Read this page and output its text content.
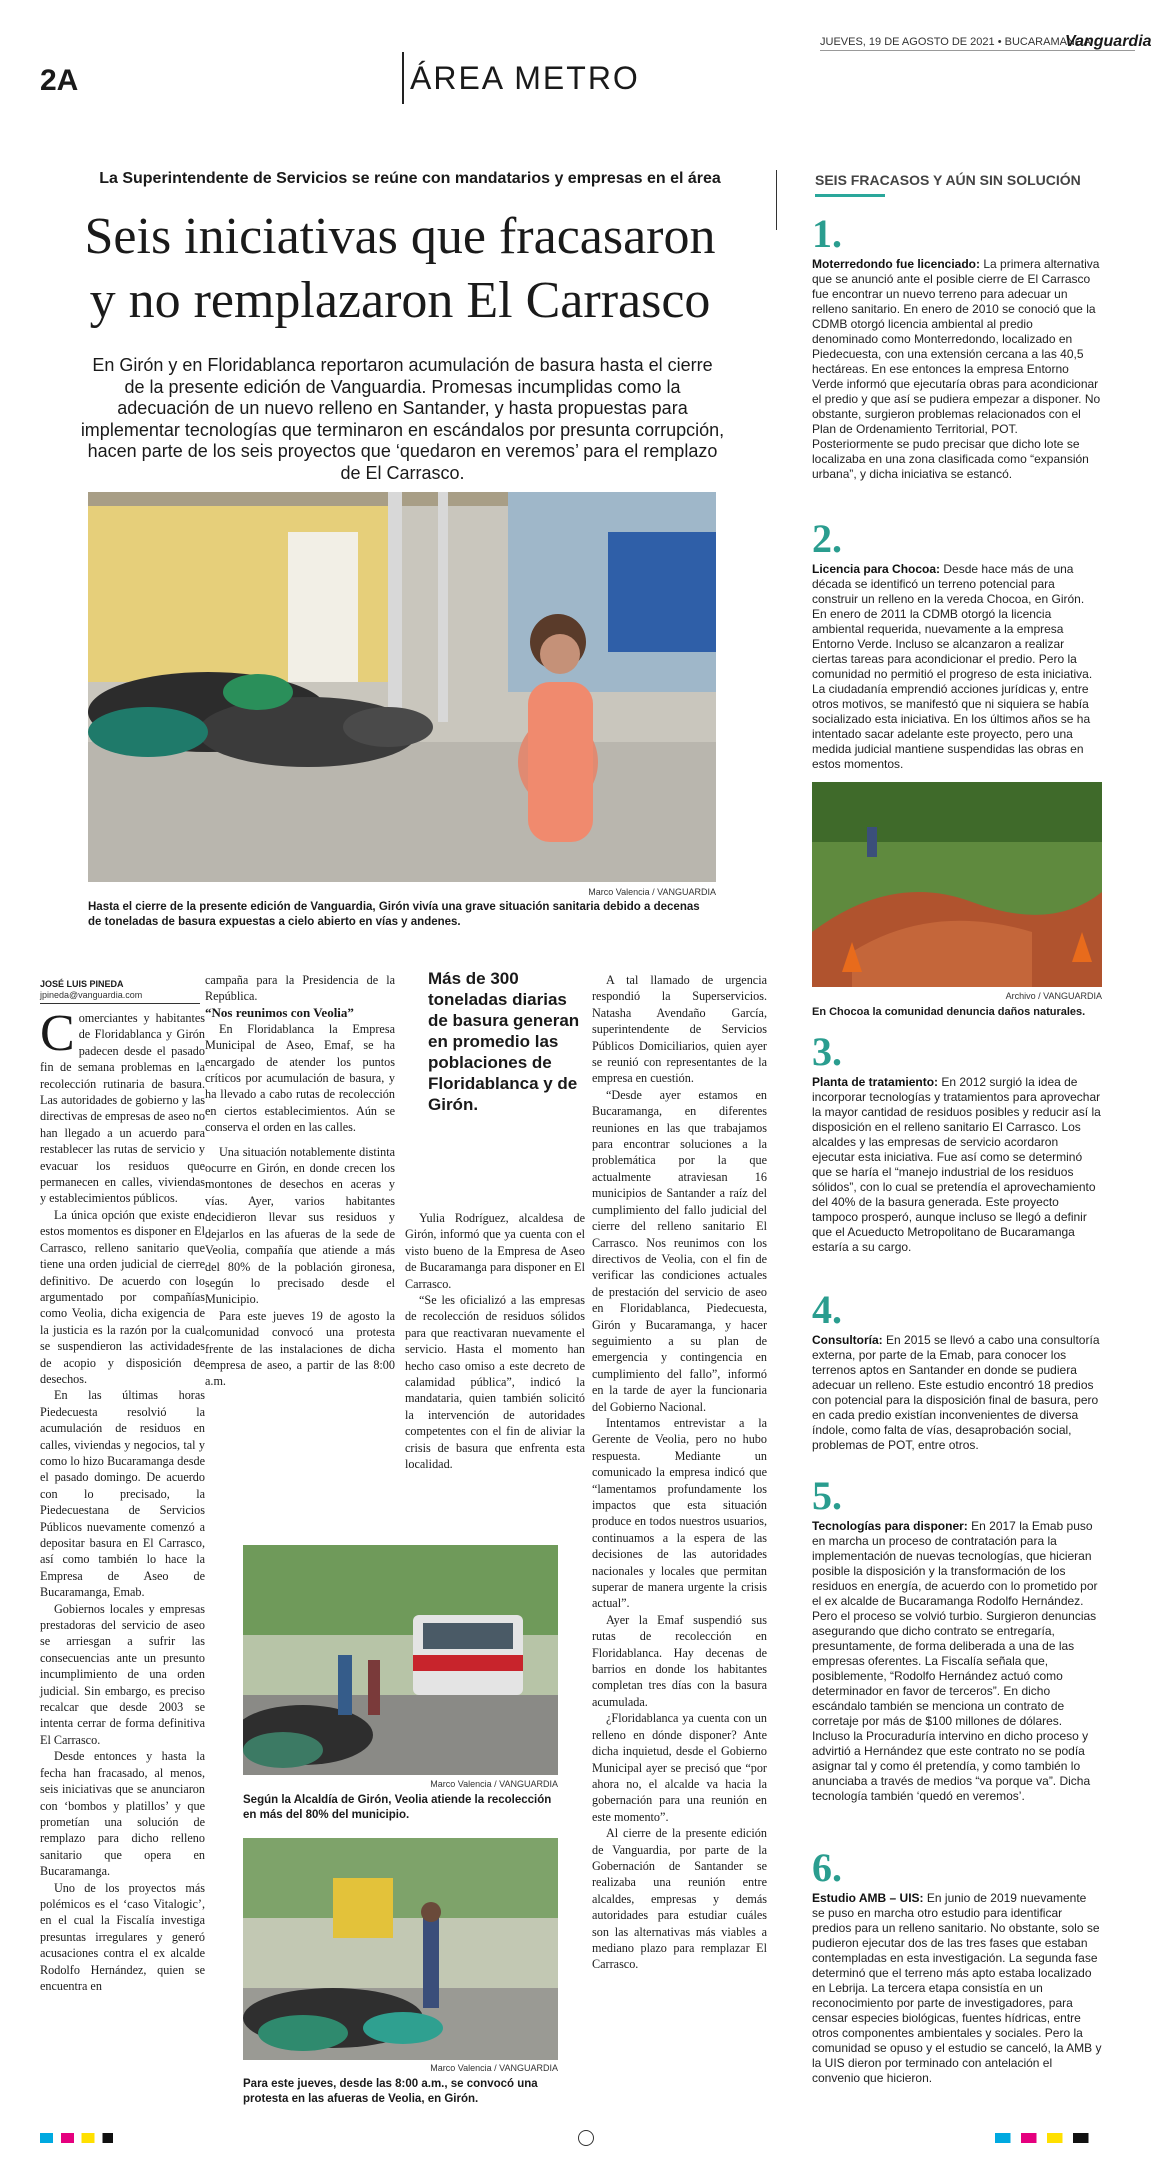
JUEVES, 19 DE AGOSTO DE 2021 • BUCARAMANGA
Vanguardia
2A	ÁREA METRO
La Superintendente de Servicios se reúne con mandatarios y empresas en el área
Seis iniciativas que fracasaron
y no remplazaron El Carrasco
En Girón y en Floridablanca reportaron acumulación de basura hasta el cierre de la presente edición de Vanguardia. Promesas incumplidas como la adecuación de un nuevo relleno en Santander, y hasta propuestas para implementar tecnologías que terminaron en escándalos por presunta corrupción, hacen parte de los seis proyectos que ‘quedaron en veremos’ para el remplazo de El Carrasco.
Marco Valencia / VANGUARDIA
Hasta el cierre de la presente edición de Vanguardia, Girón vivía una grave situación sanitaria debido a decenas de toneladas de basura expuestas a cielo abierto en vías y andenes.
JOSÉ LUIS PINEDA
jpineda@vanguardia.com

Comerciantes y habitantes de Floridablanca y Girón padecen desde el pasado fin de semana problemas en la recolección rutinaria de basura. Las autoridades de gobierno y las directivas de empresas de aseo no han llegado a un acuerdo para restablecer las rutas de servicio y evacuar los residuos que permanecen en calles, viviendas y establecimientos públicos.

La única opción que existe en estos momentos es disponer en El Carrasco, relleno sanitario que tiene una orden judicial de cierre definitivo. De acuerdo con lo argumentado por compañías como Veolia, dicha exigencia de la justicia es la razón por la cual se suspendieron las actividades de acopio y disposición de desechos.

En las últimas horas Piedecuesta resolvió la acumulación de residuos en calles, viviendas y negocios, tal y como lo hizo Bucaramanga desde el pasado domingo. De acuerdo con lo precisado, la Piedecuestana de Servicios Públicos nuevamente comenzó a depositar basura en El Carrasco, así como también lo hace la Empresa de Aseo de Bucaramanga, Emab.

Gobiernos locales y empresas prestadoras del servicio de aseo se arriesgan a sufrir las consecuencias ante un presunto incumplimiento de una orden judicial. Sin embargo, es preciso recalcar que desde 2003 se intenta cerrar de forma definitiva El Carrasco.

Desde entonces y hasta la fecha han fracasado, al menos, seis iniciativas que se anunciaron con ‘bombos y platillos’ y que prometían una solución de remplazo para dicho relleno sanitario que opera en Bucaramanga.

Uno de los proyectos más polémicos es el ‘caso Vitalogic’, en el cual la Fiscalía investiga presuntas irregulares y generó acusaciones contra el ex alcalde Rodolfo Hernández, quien se encuentra en

campaña para la Presidencia de la República.

“Nos reunimos con Veolia”

En Floridablanca la Empresa Municipal de Aseo, Emaf, se ha encargado de atender los puntos críticos por acumulación de basura, y ha llevado a cabo rutas de recolección en ciertos establecimientos. Aún se conserva el orden en las calles.

Una situación notablemente distinta ocurre en Girón, en donde crecen los montones de desechos en aceras y vías. Ayer, varios habitantes decidieron llevar sus residuos y dejarlos en las afueras de la sede de Veolia, compañía que atiende a más del 80% de la población gironesa, según lo precisado desde el Municipio.

Para este jueves 19 de agosto la comunidad convocó una protesta frente de las instalaciones de dicha empresa de aseo, a partir de las 8:00 a.m.

Más de 300 toneladas diarias de basura generan en promedio las poblaciones de Floridablanca y de Girón.

Yulia Rodríguez, alcaldesa de Girón, informó que ya cuenta con el visto bueno de la Empresa de Aseo de Bucaramanga para disponer en El Carrasco.

“Se les oficializó a las empresas de recolección de residuos sólidos para que reactivaran nuevamente el servicio. Hasta el momento han hecho caso omiso a este decreto de calamidad pública”, indicó la mandataria, quien también solicitó la intervención de autoridades competentes con el fin de aliviar la crisis de basura que enfrenta esta localidad.

Marco Valencia / VANGUARDIA
Según la Alcaldía de Girón, Veolia atiende la recolección en más del 80% del municipio.
Marco Valencia / VANGUARDIA
Para este jueves, desde las 8:00 a.m., se convocó una protesta en las afueras de Veolia, en Girón.

A tal llamado de urgencia respondió la Superservicios. Natasha Avendaño García, superintendente de Servicios Públicos Domiciliarios, quien ayer se reunió con representantes de la empresa en cuestión.

“Desde ayer estamos en Bucaramanga, en diferentes reuniones en las que trabajamos para encontrar soluciones a la problemática por la que actualmente atraviesan 16 municipios de Santander a raíz del cumplimiento del fallo judicial del cierre del relleno sanitario El Carrasco. Nos reunimos con los directivos de Veolia, con el fin de verificar las condiciones actuales de prestación del servicio de aseo en Floridablanca, Piedecuesta, Girón y Bucaramanga, y hacer seguimiento a su plan de emergencia y contingencia en cumplimiento del fallo”, informó en la tarde de ayer la funcionaria del Gobierno Nacional.

Intentamos entrevistar a la Gerente de Veolia, pero no hubo respuesta. Mediante un comunicado la empresa indicó que “lamentamos profundamente los impactos que esta situación produce en todos nuestros usuarios, continuamos a la espera de las decisiones de las autoridades nacionales y locales que permitan superar de manera urgente la crisis actual”.

Ayer la Emaf suspendió sus rutas de recolección en Floridablanca. Hay decenas de barrios en donde los habitantes completan tres días con la basura acumulada.

¿Floridablanca ya cuenta con un relleno en dónde disponer? Ante dicha inquietud, desde el Gobierno Municipal ayer se precisó que “por ahora no, el alcalde va hacia la gobernación para una reunión en este momento”.

Al cierre de la presente edición de Vanguardia, por parte de la Gobernación de Santander se realizaba una reunión entre alcaldes, empresas y demás autoridades para estudiar cuáles son las alternativas más viables a mediano plazo para remplazar El Carrasco.

SEIS FRACASOS Y AÚN SIN SOLUCIÓN
1.
Moterredondo fue licenciado: La primera alternativa que se anunció ante el posible cierre de El Carrasco fue encontrar un nuevo terreno para adecuar un relleno sanitario. En enero de 2010 se conoció que la CDMB otorgó licencia ambiental al predio denominado como Monterredondo, localizado en Piedecuesta, con una extensión cercana a las 40,5 hectáreas. En ese entonces la empresa Entorno Verde informó que ejecutaría obras para acondicionar el predio y que así se pudiera empezar a disponer. No obstante, surgieron problemas relacionados con el Plan de Ordenamiento Territorial, POT. Posteriormente se pudo precisar que dicho lote se localizaba en una zona clasificada como “expansión urbana”, y dicha iniciativa se estancó.
2.
Licencia para Chocoa: Desde hace más de una década se identificó un terreno potencial para construir un relleno en la vereda Chocoa, en Girón. En enero de 2011 la CDMB otorgó la licencia ambiental requerida, nuevamente a la empresa Entorno Verde. Incluso se alcanzaron a realizar ciertas tareas para acondicionar el predio. Pero la comunidad no permitió el progreso de esta iniciativa. La ciudadanía emprendió acciones jurídicas y, entre otros motivos, se manifestó que ni siquiera se había socializado esta iniciativa. En los últimos años se ha intentado sacar adelante este proyecto, pero una medida judicial mantiene suspendidas las obras en estos momentos.
Archivo / VANGUARDIA
En Chocoa la comunidad denuncia daños naturales.
3.
Planta de tratamiento: En 2012 surgió la idea de incorporar tecnologías y tratamientos para aprovechar la mayor cantidad de residuos posibles y reducir así la disposición en el relleno sanitario El Carrasco. Los alcaldes y las empresas de servicio acordaron ejecutar esta iniciativa. Fue así como se determinó que se haría el “manejo industrial de los residuos sólidos”, con lo cual se pretendía el aprovechamiento del 40% de la basura generada. Este proyecto tampoco prosperó, aunque incluso se llegó a definir que el Acueducto Metropolitano de Bucaramanga estaría a su cargo.
4.
Consultoría: En 2015 se llevó a cabo una consultoría externa, por parte de la Emab, para conocer los terrenos aptos en Santander en donde se pudiera adecuar un relleno. Este estudio encontró 18 predios con potencial para la disposición final de basura, pero en cada predio existían inconvenientes de diversa índole, como falta de vías, desaprobación social, problemas de POT, entre otros.
5.
Tecnologías para disponer: En 2017 la Emab puso en marcha un proceso de contratación para la implementación de nuevas tecnologías, que hicieran posible la disposición y la transformación de los residuos en energía, de acuerdo con lo prometido por el ex alcalde de Bucaramanga Rodolfo Hernández. Pero el proceso se volvió turbio. Surgieron denuncias asegurando que dicho contrato se entregaría, presuntamente, de forma deliberada a una de las empresas oferentes. La Fiscalía señala que, posiblemente, “Rodolfo Hernández actuó como determinador en favor de terceros”. En dicho escándalo también se menciona un contrato de corretaje por más de $100 millones de dólares. Incluso la Procuraduría intervino en dicho proceso y advirtió a Hernández que este contrato no se podía asignar tal y como él pretendía, y como también lo anunciaba a través de medios “va porque va”. Dicha tecnología también ‘quedó en veremos’.
6.
Estudio AMB – UIS: En junio de 2019 nuevamente se puso en marcha otro estudio para identificar predios para un relleno sanitario. No obstante, solo se pudieron ejecutar dos de las tres fases que estaban contempladas en esta investigación. La segunda fase determinó que el terreno más apto estaba localizado en Lebrija. La tercera etapa consistía en un reconocimiento por parte de investigadores, para censar especies biológicas, fuentes hídricas, entre otros componentes ambientales y sociales. Pero la comunidad se opuso y el estudio se canceló, la AMB y la UIS dieron por terminado con antelación el convenio que hicieron.
